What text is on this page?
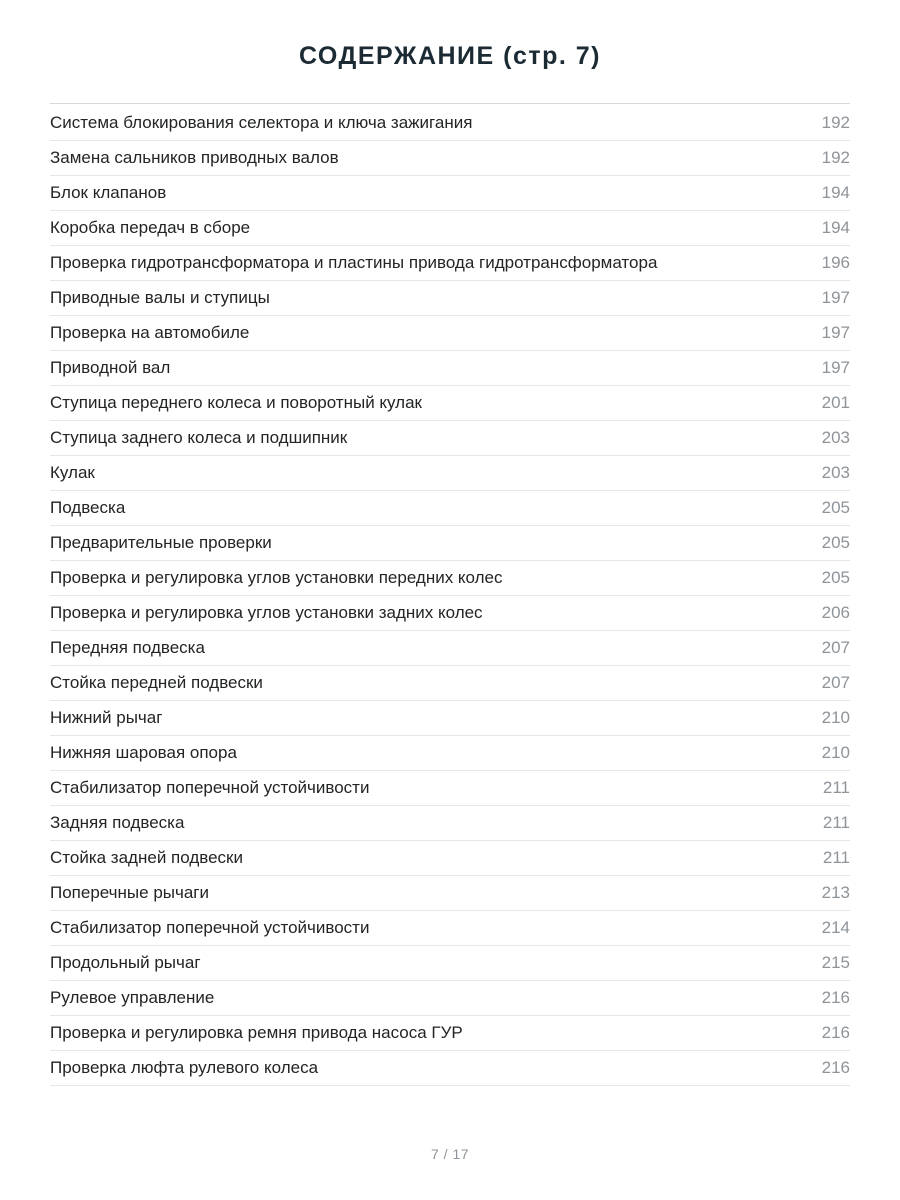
СОДЕРЖАНИЕ (стр. 7)
Система блокирования селектора и ключа зажигания	192
Замена сальников приводных валов	192
Блок клапанов	194
Коробка передач в сборе	194
Проверка гидротрансформатора и пластины привода гидротрансформатора	196
Приводные валы и ступицы	197
Проверка на автомобиле	197
Приводной вал	197
Ступица переднего колеса и поворотный кулак	201
Ступица заднего колеса и подшипник	203
Кулак	203
Подвеска	205
Предварительные проверки	205
Проверка и регулировка углов установки передних колес	205
Проверка и регулировка углов установки задних колес	206
Передняя подвеска	207
Стойка передней подвески	207
Нижний рычаг	210
Нижняя шаровая опора	210
Стабилизатор поперечной устойчивости	211
Задняя подвеска	211
Стойка задней подвески	211
Поперечные рычаги	213
Стабилизатор поперечной устойчивости	214
Продольный рычаг	215
Рулевое управление	216
Проверка и регулировка ремня привода насоса ГУР	216
Проверка люфта рулевого колеса	216
7 / 17
